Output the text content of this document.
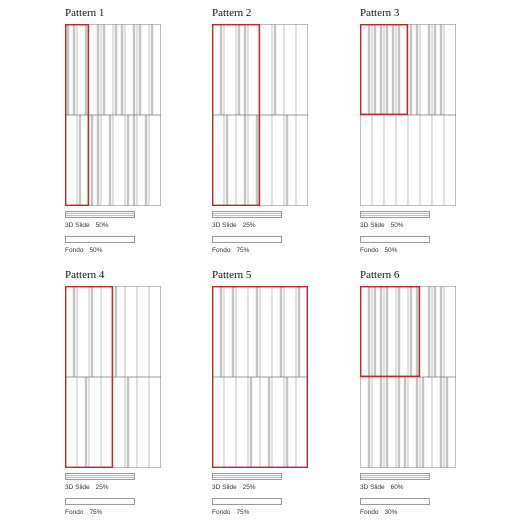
Pattern 1
3D Slide 50%
Fondo 50%
Pattern 2
3D Slide 25%
Fondo 75%
Pattern 3
3D Slide 50%
Fondo 50%
Pattern 4
3D Slide 25%
Fondo 75%
Pattern 5
3D Slide 25%
Fondo 75%
Pattern 6
3D Slide 60%
Fondo 30%
